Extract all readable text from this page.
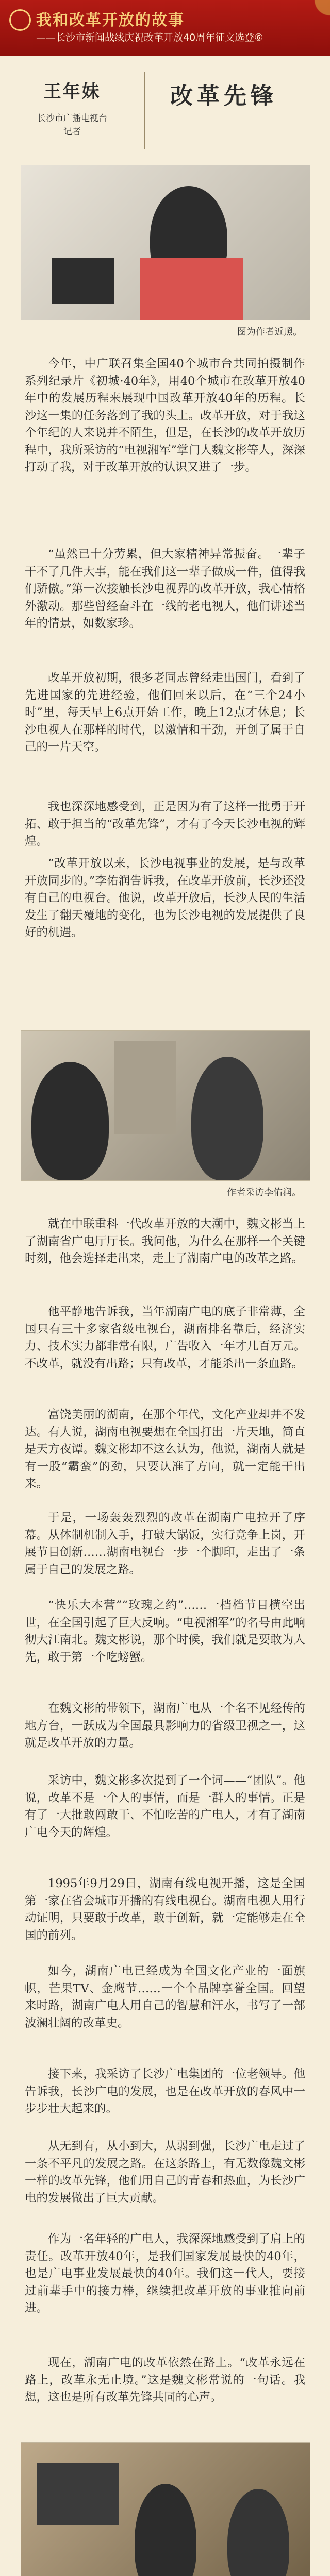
我和改革开放的故事
——长沙市新闻战线庆祝改革开放40周年征文选登⑥
王年妹
长沙市广播电视台
记者
改革先锋
图为作者近照。
今年，中广联召集全国40个城市台共同拍摄制作系列纪录片《初城·40年》，用40个城市在改革开放40年中的发展历程来展现中国改革开放40年的历程。长沙这一集的任务落到了我的头上。改革开放，对于我这个年纪的人来说并不陌生，但是，在长沙的改革开放历程中，我所采访的“电视湘军”掌门人魏文彬等人，深深打动了我，对于改革开放的认识又进了一步。
“虽然已十分劳累，但大家精神异常振奋。一辈子干不了几件大事，能在我们这一辈子做成一件，值得我们骄傲。”第一次接触长沙电视界的改革开放，我心情格外激动。那些曾经奋斗在一线的老电视人，他们讲述当年的情景，如数家珍。
改革开放初期，很多老同志曾经走出国门，看到了先进国家的先进经验，他们回来以后，在“三个24小时”里，每天早上6点开始工作，晚上12点才休息；长沙电视人在那样的时代，以激情和干劲，开创了属于自己的一片天空。
我也深深地感受到，正是因为有了这样一批勇于开拓、敢于担当的“改革先锋”，才有了今天长沙电视的辉煌。
“改革开放以来，长沙电视事业的发展，是与改革开放同步的。”李佑润告诉我，在改革开放前，长沙还没有自己的电视台。他说，改革开放后，长沙人民的生活发生了翻天覆地的变化，也为长沙电视的发展提供了良好的机遇。
作者采访李佑润。
就在中联重科一代改革开放的大潮中，魏文彬当上了湖南省广电厅厅长。我问他，为什么在那样一个关键时刻，他会选择走出来，走上了湖南广电的改革之路。
他平静地告诉我，当年湖南广电的底子非常薄，全国只有三十多家省级电视台，湖南排名靠后，经济实力、技术实力都非常有限，广告收入一年才几百万元。不改革，就没有出路；只有改革，才能杀出一条血路。
富饶美丽的湖南，在那个年代，文化产业却并不发达。有人说，湖南电视要想在全国打出一片天地，简直是天方夜谭。魏文彬却不这么认为，他说，湖南人就是有一股“霸蛮”的劲，只要认准了方向，就一定能干出来。
于是，一场轰轰烈烈的改革在湖南广电拉开了序幕。从体制机制入手，打破大锅饭，实行竞争上岗，开展节目创新……湖南电视台一步一个脚印，走出了一条属于自己的发展之路。
“快乐大本营”“玫瑰之约”……一档档节目横空出世，在全国引起了巨大反响。“电视湘军”的名号由此响彻大江南北。魏文彬说，那个时候，我们就是要敢为人先，敢于第一个吃螃蟹。
在魏文彬的带领下，湖南广电从一个名不见经传的地方台，一跃成为全国最具影响力的省级卫视之一，这就是改革开放的力量。
采访中，魏文彬多次提到了一个词——“团队”。他说，改革不是一个人的事情，而是一群人的事情。正是有了一大批敢闯敢干、不怕吃苦的广电人，才有了湖南广电今天的辉煌。
1995年9月29日，湖南有线电视开播，这是全国第一家在省会城市开播的有线电视台。湖南电视人用行动证明，只要敢于改革，敢于创新，就一定能够走在全国的前列。
如今，湖南广电已经成为全国文化产业的一面旗帜，芒果TV、金鹰节……一个个品牌享誉全国。回望来时路，湖南广电人用自己的智慧和汗水，书写了一部波澜壮阔的改革史。
接下来，我采访了长沙广电集团的一位老领导。他告诉我，长沙广电的发展，也是在改革开放的春风中一步步壮大起来的。
从无到有，从小到大，从弱到强，长沙广电走过了一条不平凡的发展之路。在这条路上，有无数像魏文彬一样的改革先锋，他们用自己的青春和热血，为长沙广电的发展做出了巨大贡献。
作为一名年轻的广电人，我深深地感受到了肩上的责任。改革开放40年，是我们国家发展最快的40年，也是广电事业发展最快的40年。我们这一代人，要接过前辈手中的接力棒，继续把改革开放的事业推向前进。
现在，湖南广电的改革依然在路上。“改革永远在路上，改革永无止境。”这是魏文彬常说的一句话。我想，这也是所有改革先锋共同的心声。
